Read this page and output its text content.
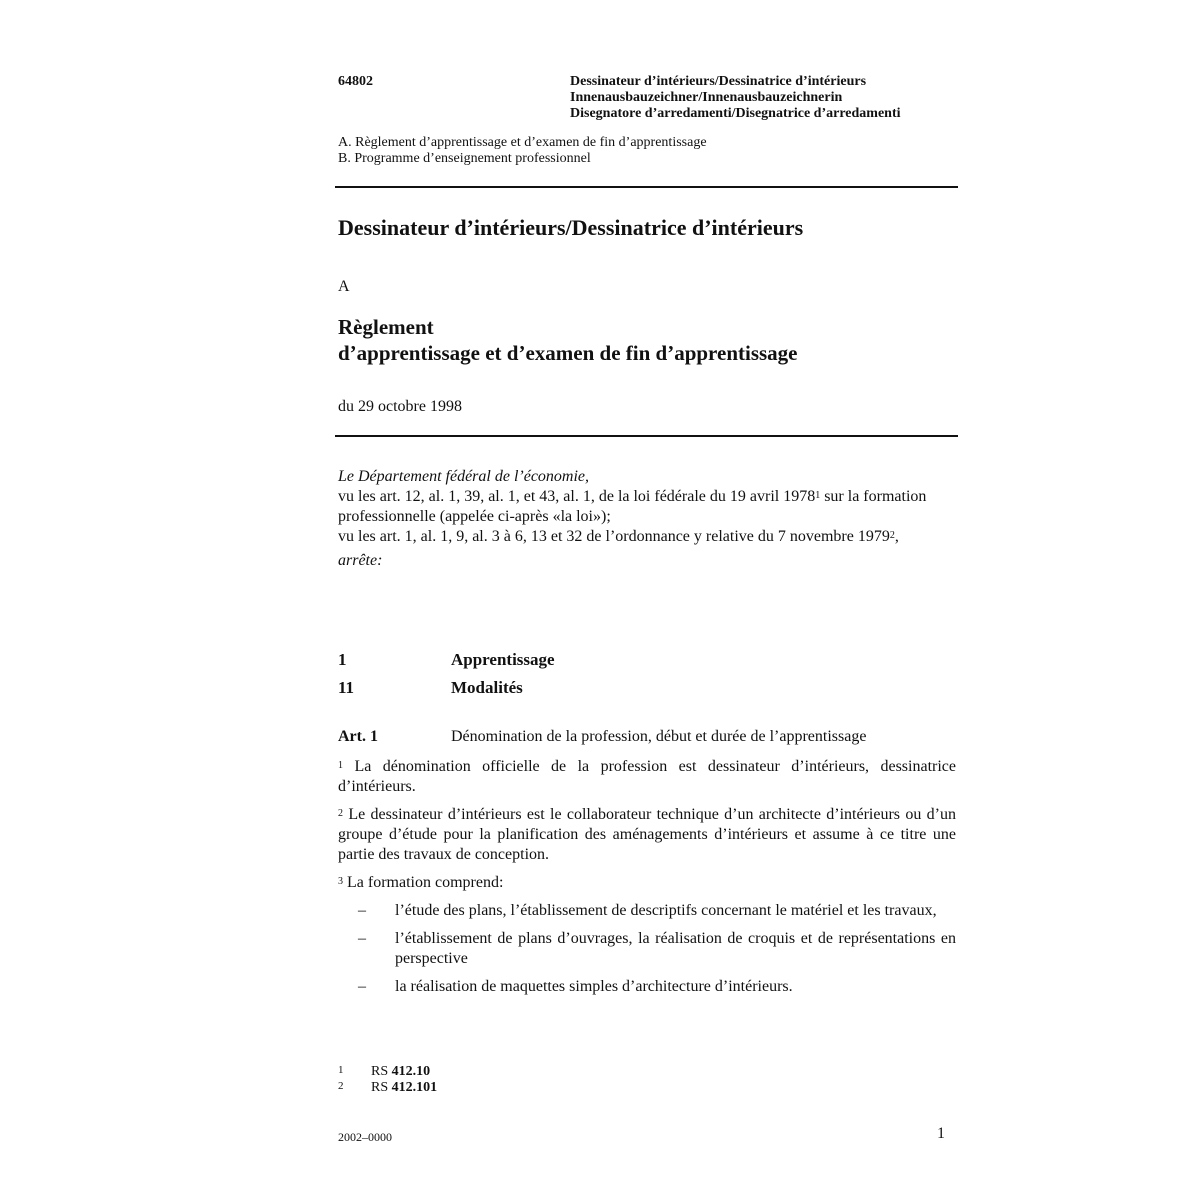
64802	Dessinateur d’intérieurs/Dessinatrice d’intérieurs
Innenausbauzeichner/Innenausbauzeichnerin
Disegnatore d’arredamenti/Disegnatrice d’arredamenti
A. Règlement d’apprentissage et d’examen de fin d’apprentissage
B. Programme d’enseignement professionnel
Dessinateur d’intérieurs/Dessinatrice d’intérieurs
A
Règlement
d’apprentissage et d’examen de fin d’apprentissage
du 29 octobre 1998

Le Département fédéral de l’économie,

vu les art. 12, al. 1, 39, al. 1, et 43, al. 1, de la loi fédérale du 19 avril 1978$^1$ sur la formation professionnelle (appelée ci-après «la loi»);

vu les art. 1, al. 1, 9, al. 3 à 6, 13 et 32 de l’ordonnance y relative du 7 novembre 1979$^2$,

arrête:

1	Apprentissage
11	Modalités
Art. 1	Dénomination de la profession, début et durée de l’apprentissage

$^1$ La dénomination officielle de la profession est dessinateur d’intérieurs, dessinatrice d’intérieurs.

$^2$ Le dessinateur d’intérieurs est le collaborateur technique d’un architecte d’intérieurs ou d’un groupe d’étude pour la planification des aménagements d’intérieurs et assume à ce titre une partie des travaux de conception.

$^3$ La formation comprend:

– l’étude des plans, l’établissement de descriptifs concernant le matériel et les travaux,
– l’établissement de plans d’ouvrages, la réalisation de croquis et de représentations en perspective
– la réalisation de maquettes simples d’architecture d’intérieurs.
1 RS 412.10
2 RS 412.101
2002–0000	1
